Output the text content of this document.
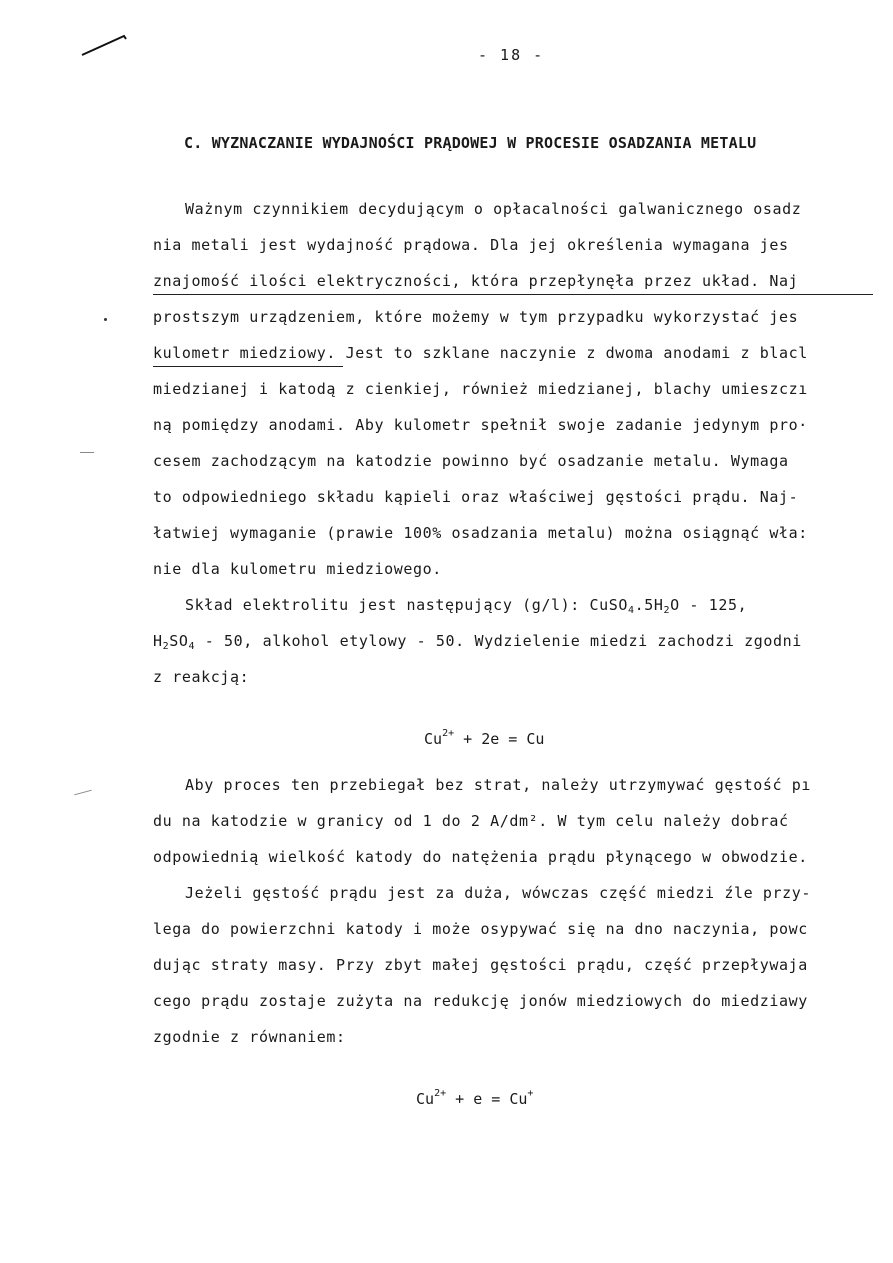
- 18 -
C. WYZNACZANIE WYDAJNOŚCI PRĄDOWEJ W PROCESIE OSADZANIA METALU
Ważnym czynnikiem decydującym o opłacalności galwanicznego osadz
nia metali jest wydajność prądowa. Dla jej określenia wymagana jes
znajomość ilości elektryczności, która przepłynęła przez układ. Naj
prostszym urządzeniem, które możemy w tym przypadku wykorzystać jes
kulometr miedziowy. Jest to szklane naczynie z dwoma anodami z blacl
miedzianej i katodą z cienkiej, również miedzianej, blachy umieszczı
ną pomiędzy anodami. Aby kulometr spełnił swoje zadanie jedynym pro·
cesem zachodzącym na katodzie powinno być osadzanie metalu. Wymaga
to odpowiedniego składu kąpieli oraz właściwej gęstości prądu. Naj-
łatwiej wymaganie (prawie 100% osadzania metalu) można osiągnąć wła:
nie dla kulometru miedziowego.
Skład elektrolitu jest następujący (g/l): $CuSO_4.5H_2O - 125$,
$H_2SO_4 - 50$, alkohol etylowy - 50. Wydzielenie miedzi zachodzi zgodni
z reakcją:
$Cu^{2+} + 2e = Cu$
Aby proces ten przebiegał bez strat, należy utrzymywać gęstość pı
du na katodzie w granicy od 1 do 2 A/dm². W tym celu należy dobrać
odpowiednią wielkość katody do natężenia prądu płynącego w obwodzie.
Jeżeli gęstość prądu jest za duża, wówczas część miedzi źle przy-
lega do powierzchni katody i może osypywać się na dno naczynia, powc
dując straty masy. Przy zbyt małej gęstości prądu, część przepływaja
cego prądu zostaje zużyta na redukcję jonów miedziowych do miedziawy
zgodnie z równaniem:
$Cu^{2+} + e = Cu^+$
